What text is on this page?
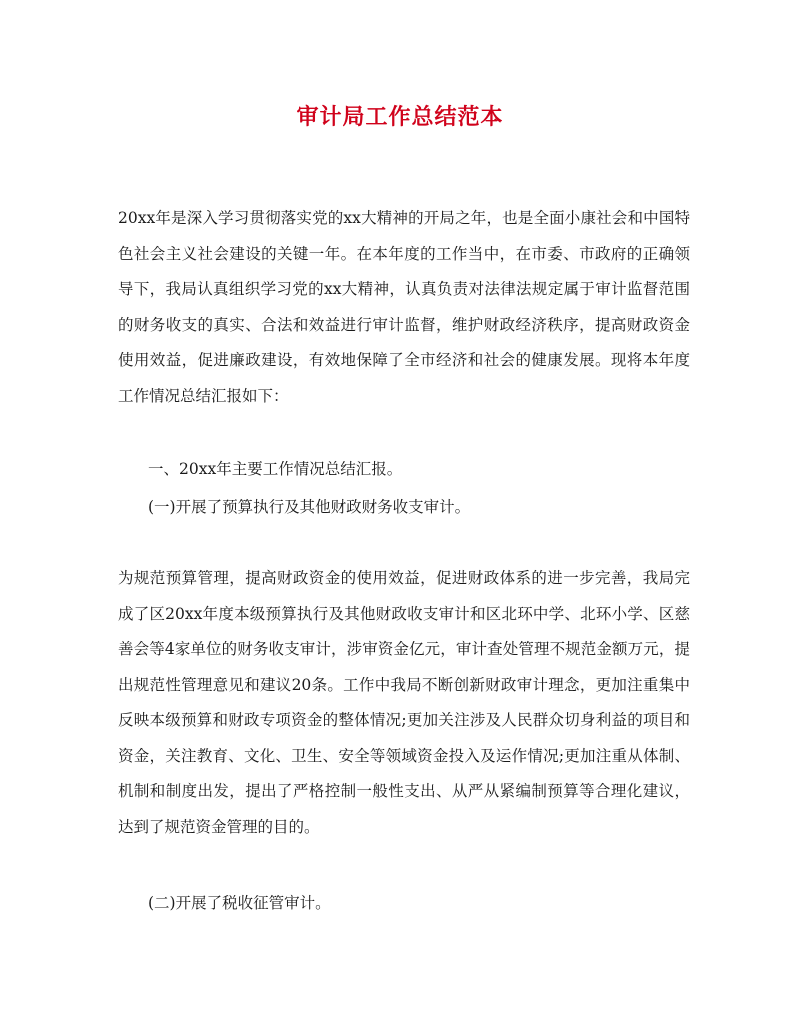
审计局工作总结范本

20xx年是深入学习贯彻落实党的xx大精神的开局之年，也是全面小康社会和中国特色社会主义社会建设的关键一年。在本年度的工作当中，在市委、市政府的正确领导下，我局认真组织学习党的xx大精神，认真负责对法律法规定属于审计监督范围的财务收支的真实、合法和效益进行审计监督，维护财政经济秩序，提高财政资金使用效益，促进廉政建设，有效地保障了全市经济和社会的健康发展。现将本年度工作情况总结汇报如下：

一、20xx年主要工作情况总结汇报。

(一)开展了预算执行及其他财政财务收支审计。

为规范预算管理，提高财政资金的使用效益，促进财政体系的进一步完善，我局完成了区20xx年度本级预算执行及其他财政收支审计和区北环中学、北环小学、区慈善会等4家单位的财务收支审计，涉审资金亿元，审计查处管理不规范金额万元，提出规范性管理意见和建议20条。工作中我局不断创新财政审计理念，更加注重集中反映本级预算和财政专项资金的整体情况;更加关注涉及人民群众切身利益的项目和资金，关注教育、文化、卫生、安全等领域资金投入及运作情况;更加注重从体制、机制和制度出发，提出了严格控制一般性支出、从严从紧编制预算等合理化建议，达到了规范资金管理的目的。

(二)开展了税收征管审计。
